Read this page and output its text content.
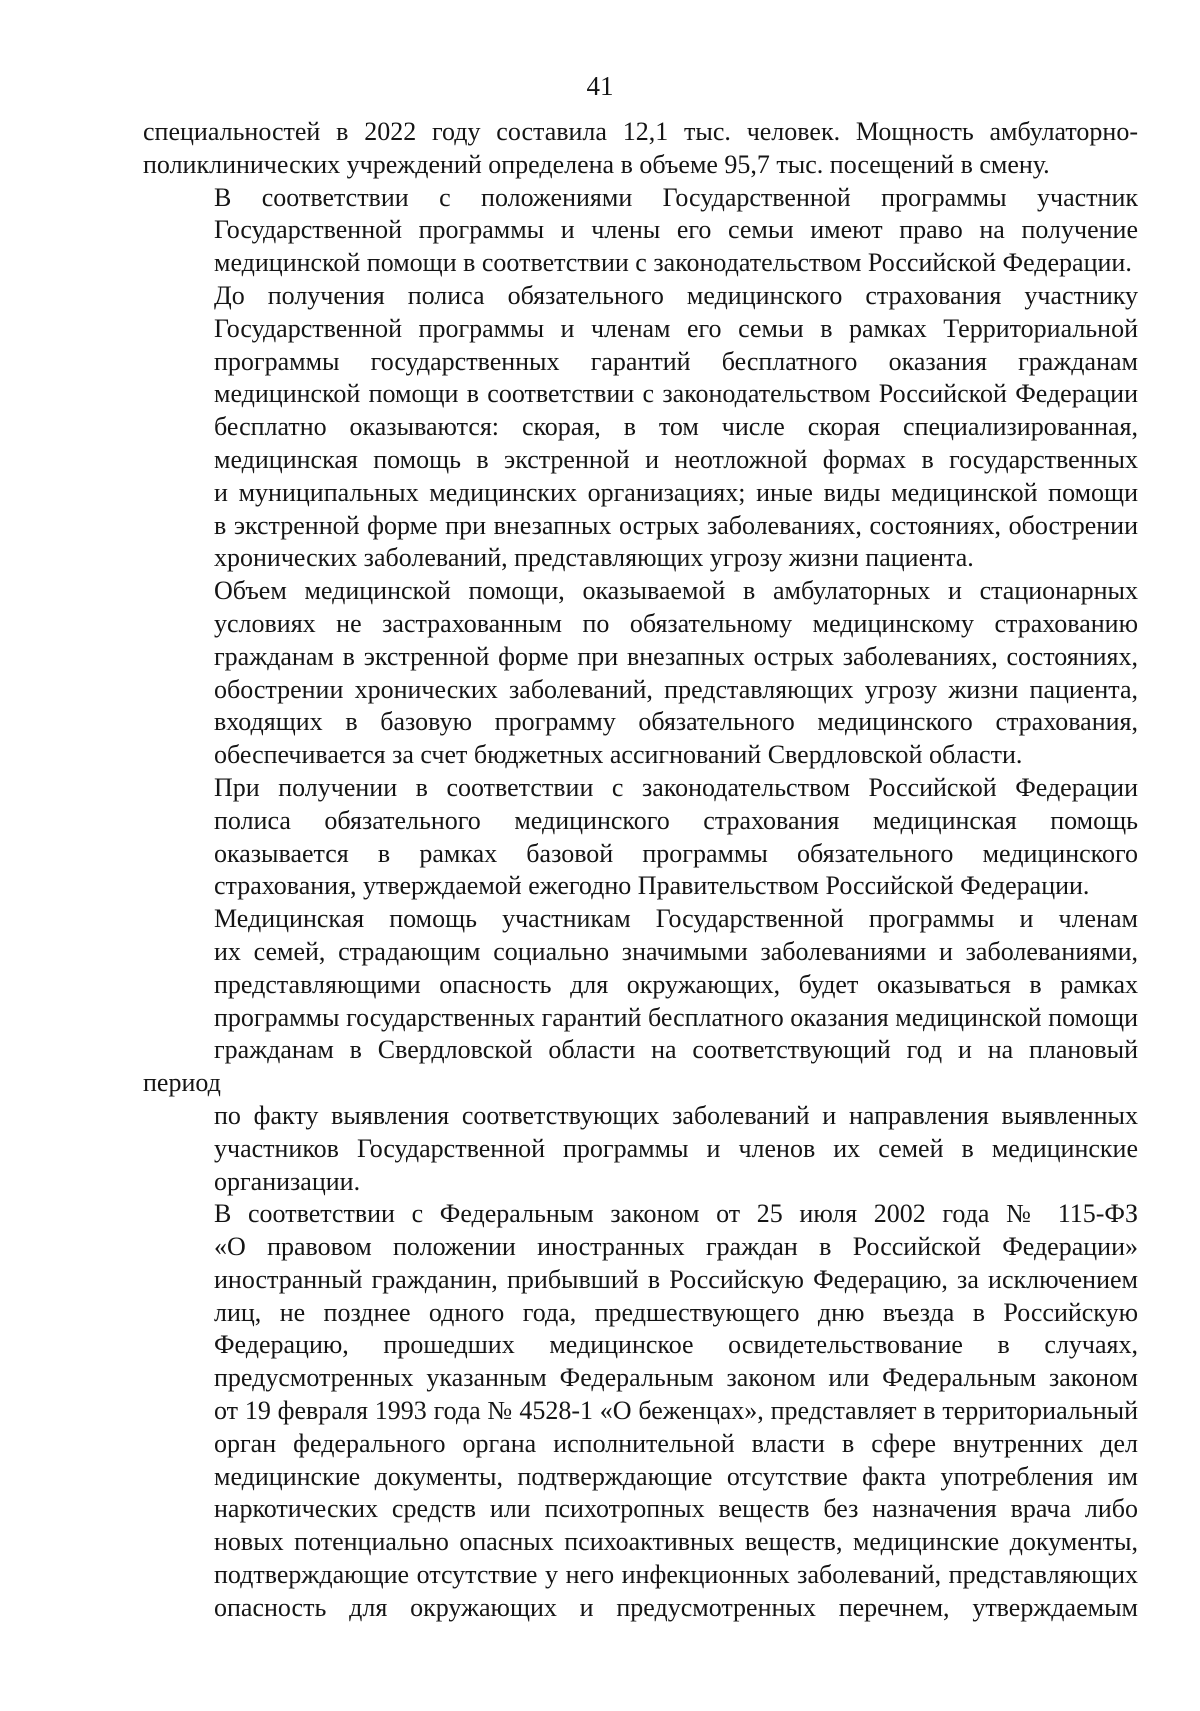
41

специальностей в 2022 году составила 12,1 тыс. человек. Мощность амбулаторно-
поликлинических учреждений определена в объеме 95,7 тыс. посещений в смену.

В соответствии с положениями Государственной программы участник
Государственной программы и члены его семьи имеют право на получение
медицинской помощи в соответствии с законодательством Российской Федерации.

До получения полиса обязательного медицинского страхования участнику
Государственной программы и членам его семьи в рамках Территориальной
программы государственных гарантий бесплатного оказания гражданам
медицинской помощи в соответствии с законодательством Российской Федерации
бесплатно оказываются: скорая, в том числе скорая специализированная,
медицинская помощь в экстренной и неотложной формах в государственных
и муниципальных медицинских организациях; иные виды медицинской помощи
в экстренной форме при внезапных острых заболеваниях, состояниях, обострении
хронических заболеваний, представляющих угрозу жизни пациента.

Объем медицинской помощи, оказываемой в амбулаторных и стационарных
условиях не застрахованным по обязательному медицинскому страхованию
гражданам в экстренной форме при внезапных острых заболеваниях, состояниях,
обострении хронических заболеваний, представляющих угрозу жизни пациента,
входящих в базовую программу обязательного медицинского страхования,
обеспечивается за счет бюджетных ассигнований Свердловской области.

При получении в соответствии с законодательством Российской Федерации
полиса обязательного медицинского страхования медицинская помощь
оказывается в рамках базовой программы обязательного медицинского
страхования, утверждаемой ежегодно Правительством Российской Федерации.

Медицинская помощь участникам Государственной программы и членам
их семей, страдающим социально значимыми заболеваниями и заболеваниями,
представляющими опасность для окружающих, будет оказываться в рамках
программы государственных гарантий бесплатного оказания медицинской помощи
гражданам в Свердловской области на соответствующий год и на плановый период
по факту выявления соответствующих заболеваний и направления выявленных
участников Государственной программы и членов их семей в медицинские
организации.

В соответствии с Федеральным законом от 25 июля 2002 года № 115-ФЗ
«О правовом положении иностранных граждан в Российской Федерации»
иностранный гражданин, прибывший в Российскую Федерацию, за исключением
лиц, не позднее одного года, предшествующего дню въезда в Российскую
Федерацию, прошедших медицинское освидетельствование в случаях,
предусмотренных указанным Федеральным законом или Федеральным законом
от 19 февраля 1993 года № 4528-1 «О беженцах», представляет в территориальный
орган федерального органа исполнительной власти в сфере внутренних дел
медицинские документы, подтверждающие отсутствие факта употребления им
наркотических средств или психотропных веществ без назначения врача либо
новых потенциально опасных психоактивных веществ, медицинские документы,
подтверждающие отсутствие у него инфекционных заболеваний, представляющих
опасность для окружающих и предусмотренных перечнем, утверждаемым
